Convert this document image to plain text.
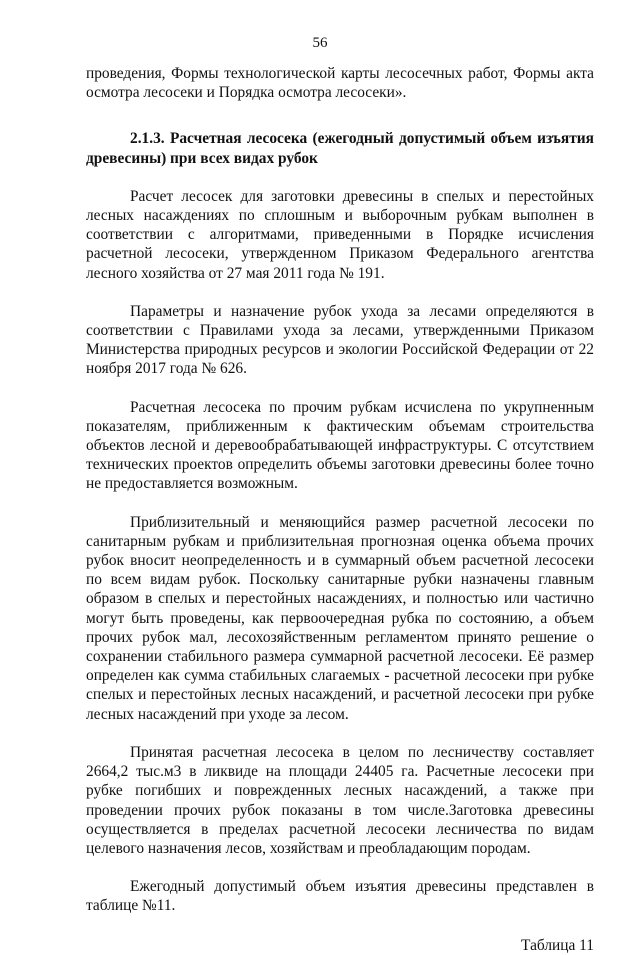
56

проведения, Формы технологической карты лесосечных работ, Формы акта осмотра лесосеки и Порядка осмотра лесосеки».

2.1.3. Расчетная лесосека (ежегодный допустимый объем изъятия древесины) при всех видах рубок

Расчет лесосек для заготовки древесины в спелых и перестойных лесных насаждениях по сплошным и выборочным рубкам выполнен в соответствии с алгоритмами, приведенными в Порядке исчисления расчетной лесосеки, утвержденном Приказом Федерального агентства лесного хозяйства от 27 мая 2011 года № 191.

Параметры и назначение рубок ухода за лесами определяются в соответствии с Правилами ухода за лесами, утвержденными Приказом Министерства природных ресурсов и экологии Российской Федерации от 22 ноября 2017 года № 626.

Расчетная лесосека по прочим рубкам исчислена по укрупненным показателям, приближенным к фактическим объемам строительства объектов лесной и деревообрабатывающей инфраструктуры. С отсутствием технических проектов определить объемы заготовки древесины более точно не предоставляется возможным.

Приблизительный и меняющийся размер расчетной лесосеки по санитарным рубкам и приблизительная прогнозная оценка объема прочих рубок вносит неопределенность и в суммарный объем расчетной лесосеки по всем видам рубок. Поскольку санитарные рубки назначены главным образом в спелых и перестойных насаждениях, и полностью или частично могут быть проведены, как первоочередная рубка по состоянию, а объем прочих рубок мал, лесохозяйственным регламентом принято решение о сохранении стабильного размера суммарной расчетной лесосеки. Её размер определен как сумма стабильных слагаемых - расчетной лесосеки при рубке спелых и перестойных лесных насаждений, и расчетной лесосеки при рубке лесных насаждений при уходе за лесом.

Принятая расчетная лесосека в целом по лесничеству составляет 2664,2 тыс.м3 в ликвиде на площади 24405 га. Расчетные лесосеки при рубке погибших и поврежденных лесных насаждений, а также при проведении прочих рубок показаны в том числе.Заготовка древесины осуществляется в пределах расчетной лесосеки лесничества по видам целевого назначения лесов, хозяйствам и преобладающим породам.

Ежегодный допустимый объем изъятия древесины представлен в таблице №11.

Таблица 11
